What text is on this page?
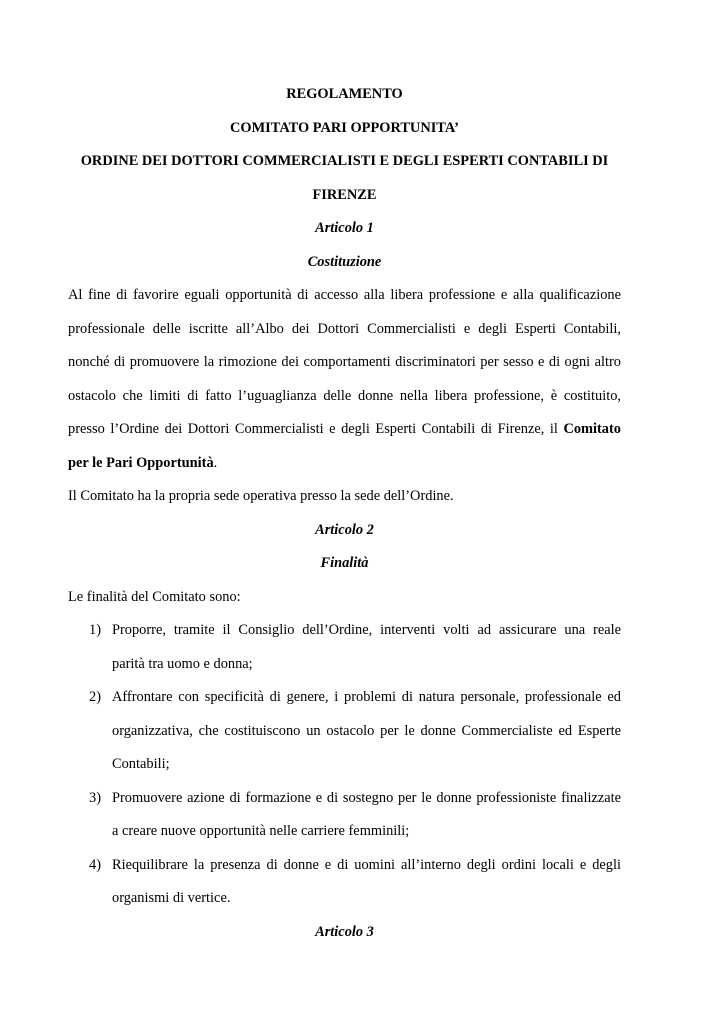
REGOLAMENTO
COMITATO PARI OPPORTUNITA’
ORDINE DEI DOTTORI COMMERCIALISTI E DEGLI ESPERTI CONTABILI DI
FIRENZE
Articolo 1
Costituzione
Al fine di favorire eguali opportunità di accesso alla libera professione e alla qualificazione
professionale delle iscritte all’Albo dei Dottori Commercialisti e degli Esperti Contabili,
nonché di promuovere la rimozione dei comportamenti discriminatori per sesso e di ogni altro
ostacolo che limiti di fatto l’uguaglianza delle donne nella libera professione, è costituito,
presso l’Ordine dei Dottori Commercialisti e degli Esperti Contabili di Firenze, il Comitato
per le Pari Opportunità.
Il Comitato ha la propria sede operativa presso la sede dell’Ordine.
Articolo 2
Finalità
Le finalità del Comitato sono:
1) Proporre, tramite il Consiglio dell’Ordine, interventi volti ad assicurare una reale
parità tra uomo e donna;
2) Affrontare con specificità di genere, i problemi di natura personale, professionale ed
organizzativa, che costituiscono un ostacolo per le donne Commercialiste ed Esperte
Contabili;
3) Promuovere azione di formazione e di sostegno per le donne professioniste finalizzate
a creare nuove opportunità nelle carriere femminili;
4) Riequilibrare la presenza di donne e di uomini all’interno degli ordini locali e degli
organismi di vertice.
Articolo 3
